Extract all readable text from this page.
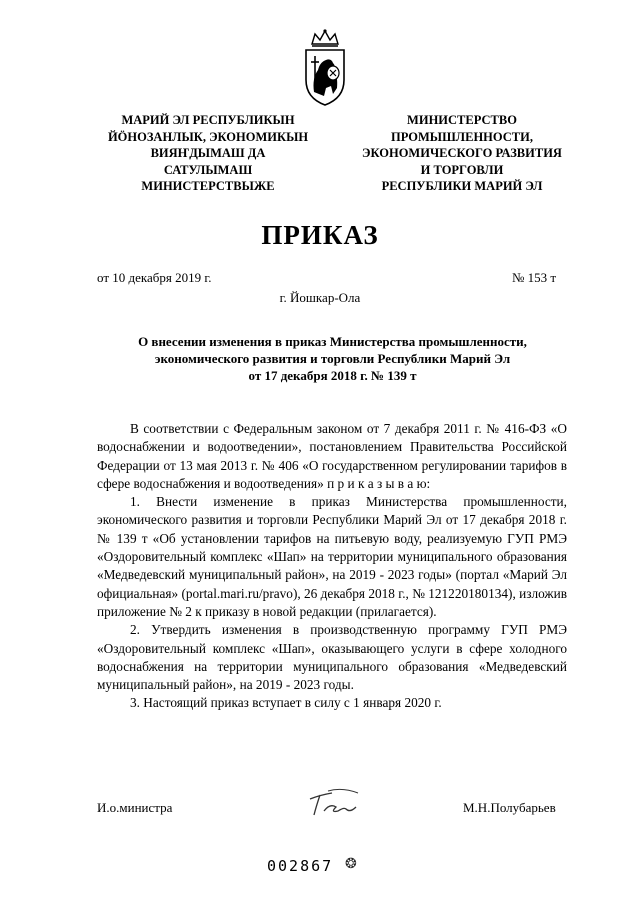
МАРИЙ ЭЛ РЕСПУБЛИКЫН
ЙӦНОЗАНЛЫК, ЭКОНОМИКЫН
ВИЯҤДЫМАШ ДА
САТУЛЫМАШ
МИНИСТЕРСТВЫЖЕ
МИНИСТЕРСТВО
ПРОМЫШЛЕННОСТИ,
ЭКОНОМИЧЕСКОГО РАЗВИТИЯ
И ТОРГОВЛИ
РЕСПУБЛИКИ МАРИЙ ЭЛ
ПРИКАЗ
от 10 декабря 2019 г.	№ 153 т
г. Йошкар-Ола
О внесении изменения в приказ Министерства промышленности,
экономического развития и торговли Республики Марий Эл
от 17 декабря 2018 г. № 139 т

В соответствии с Федеральным законом от 7 декабря 2011 г. № 416-ФЗ «О водоснабжении и водоотведении», постановлением Правительства Российской Федерации от 13 мая 2013 г. № 406 «О государственном регулировании тарифов в сфере водоснабжения и водоотведения» п р и к а з ы в а ю:

1. Внести изменение в приказ Министерства промышленности, экономического развития и торговли Республики Марий Эл от 17 декабря 2018 г. № 139 т «Об установлении тарифов на питьевую воду, реализуемую ГУП РМЭ «Оздоровительный комплекс «Шап» на территории муниципального образования «Медведевский муниципальный район», на 2019 - 2023 годы» (портал «Марий Эл официальная» (portal.mari.ru/pravo), 26 декабря 2018 г., № 121220180134), изложив приложение № 2 к приказу в новой редакции (прилагается).

2. Утвердить изменения в производственную программу ГУП РМЭ «Оздоровительный комплекс «Шап», оказывающего услуги в сфере холодного водоснабжения на территории муниципального образования «Медведевский муниципальный район», на 2019 - 2023 годы.

3. Настоящий приказ вступает в силу с 1 января 2020 г.

И.о.министра	М.Н.Полубарьев
002867 ❂
